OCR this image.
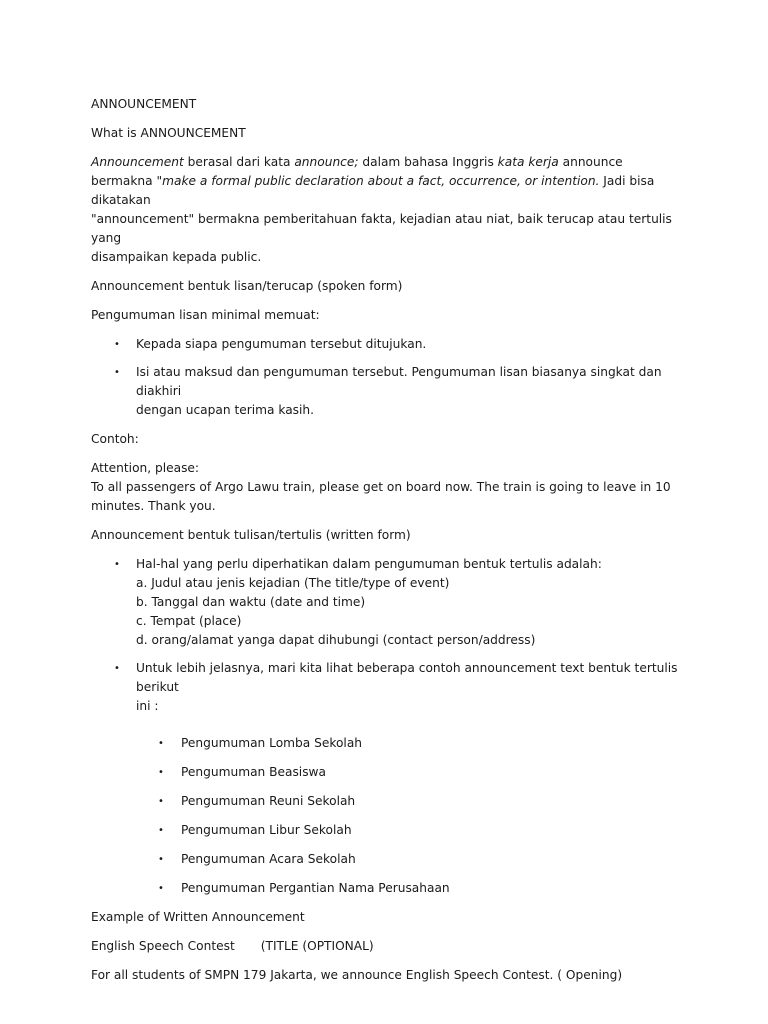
ANNOUNCEMENT

What is ANNOUNCEMENT

Announcement berasal dari kata announce; dalam bahasa Inggris kata kerja announce
bermakna "make a formal public declaration about a fact, occurrence, or intention. Jadi bisa dikatakan
"announcement" bermakna pemberitahuan fakta, kejadian atau niat, baik terucap atau tertulis yang
disampaikan kepada public.

Announcement bentuk lisan/terucap (spoken form)

Pengumuman lisan minimal memuat:

• Kepada siapa pengumuman tersebut ditujukan.
• Isi atau maksud dan pengumuman tersebut. Pengumuman lisan biasanya singkat dan diakhiri
dengan ucapan terima kasih.

Contoh:

Attention, please:
To all passengers of Argo Lawu train, please get on board now. The train is going to leave in 10
minutes. Thank you.

Announcement bentuk tulisan/tertulis (written form)

• Hal-hal yang perlu diperhatikan dalam pengumuman bentuk tertulis adalah:
a. Judul atau jenis kejadian (The title/type of event)
b. Tanggal dan waktu (date and time)
c. Tempat (place)
d. orang/alamat yanga dapat dihubungi (contact person/address)
• Untuk lebih jelasnya, mari kita lihat beberapa contoh announcement text bentuk tertulis berikut
ini :
• Pengumuman Lomba Sekolah
• Pengumuman Beasiswa
• Pengumuman Reuni Sekolah
• Pengumuman Libur Sekolah
• Pengumuman Acara Sekolah
• Pengumuman Pergantian Nama Perusahaan

Example of Written Announcement

English Speech Contest (TITLE (OPTIONAL)

For all students of SMPN 179 Jakarta, we announce English Speech Contest. ( Opening)
